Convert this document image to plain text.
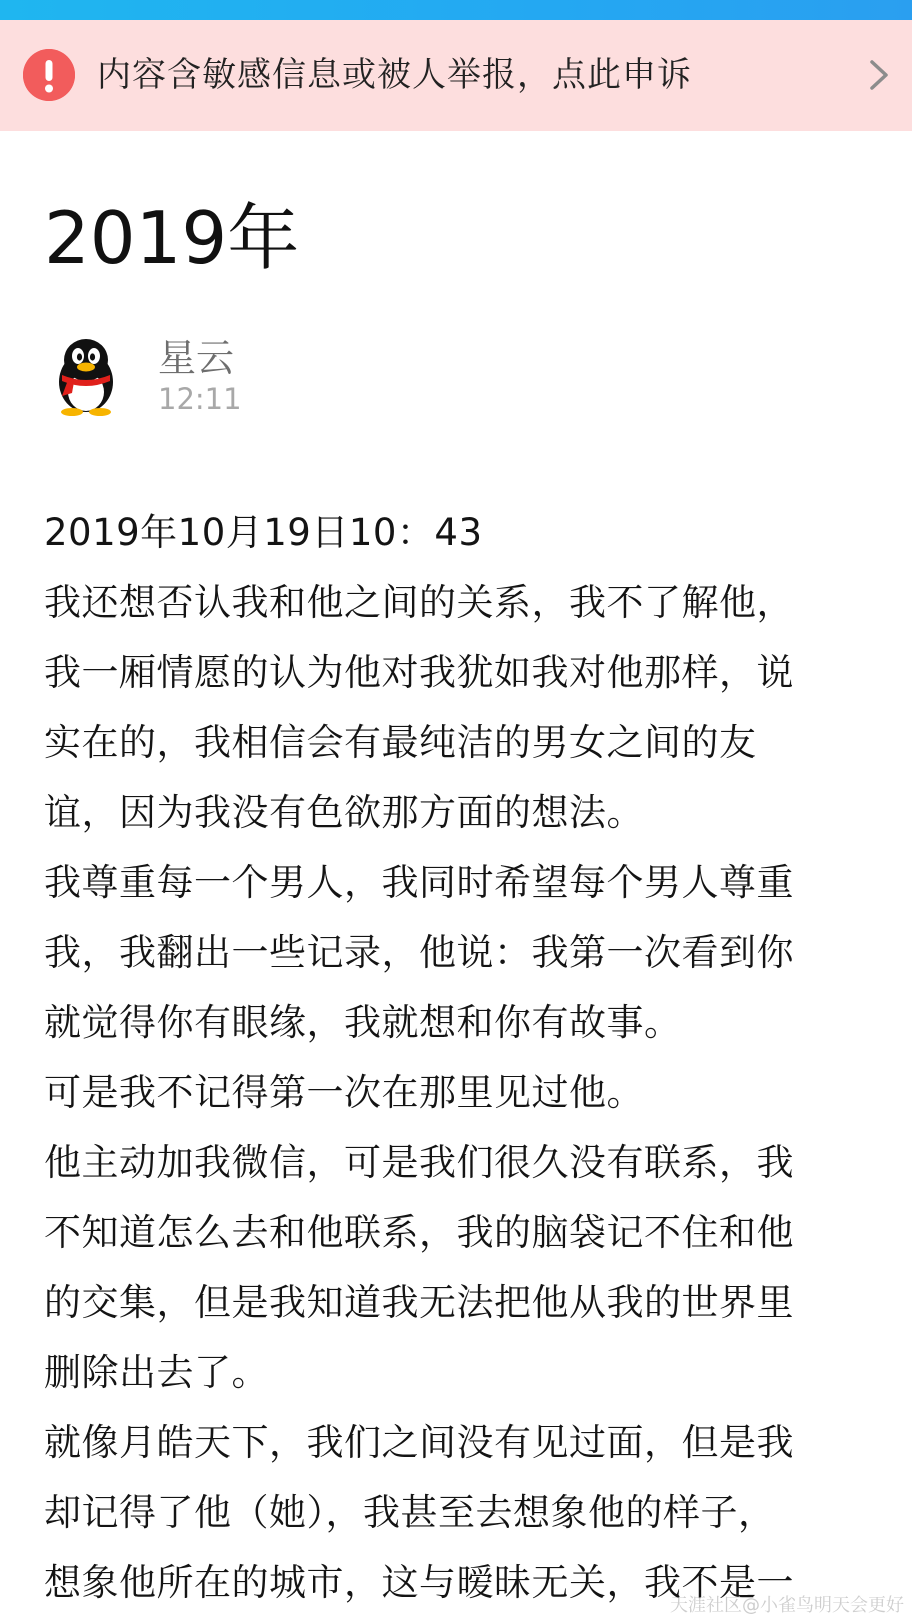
内容含敏感信息或被人举报，点此申诉
2019年
星云
12:11
2019年10月19日10：43
我还想否认我和他之间的关系，我不了解他，
我一厢情愿的认为他对我犹如我对他那样，说
实在的，我相信会有最纯洁的男女之间的友
谊，因为我没有色欲那方面的想法。
我尊重每一个男人，我同时希望每个男人尊重
我，我翻出一些记录，他说：我第一次看到你
就觉得你有眼缘，我就想和你有故事。
可是我不记得第一次在那里见过他。
他主动加我微信，可是我们很久没有联系，我
不知道怎么去和他联系，我的脑袋记不住和他
的交集，但是我知道我无法把他从我的世界里
删除出去了。
就像月皓天下，我们之间没有见过面，但是我
却记得了他（她），我甚至去想象他的样子，
想象他所在的城市，这与暧昧无关，我不是一
天涯社区@小雀鸟明天会更好
